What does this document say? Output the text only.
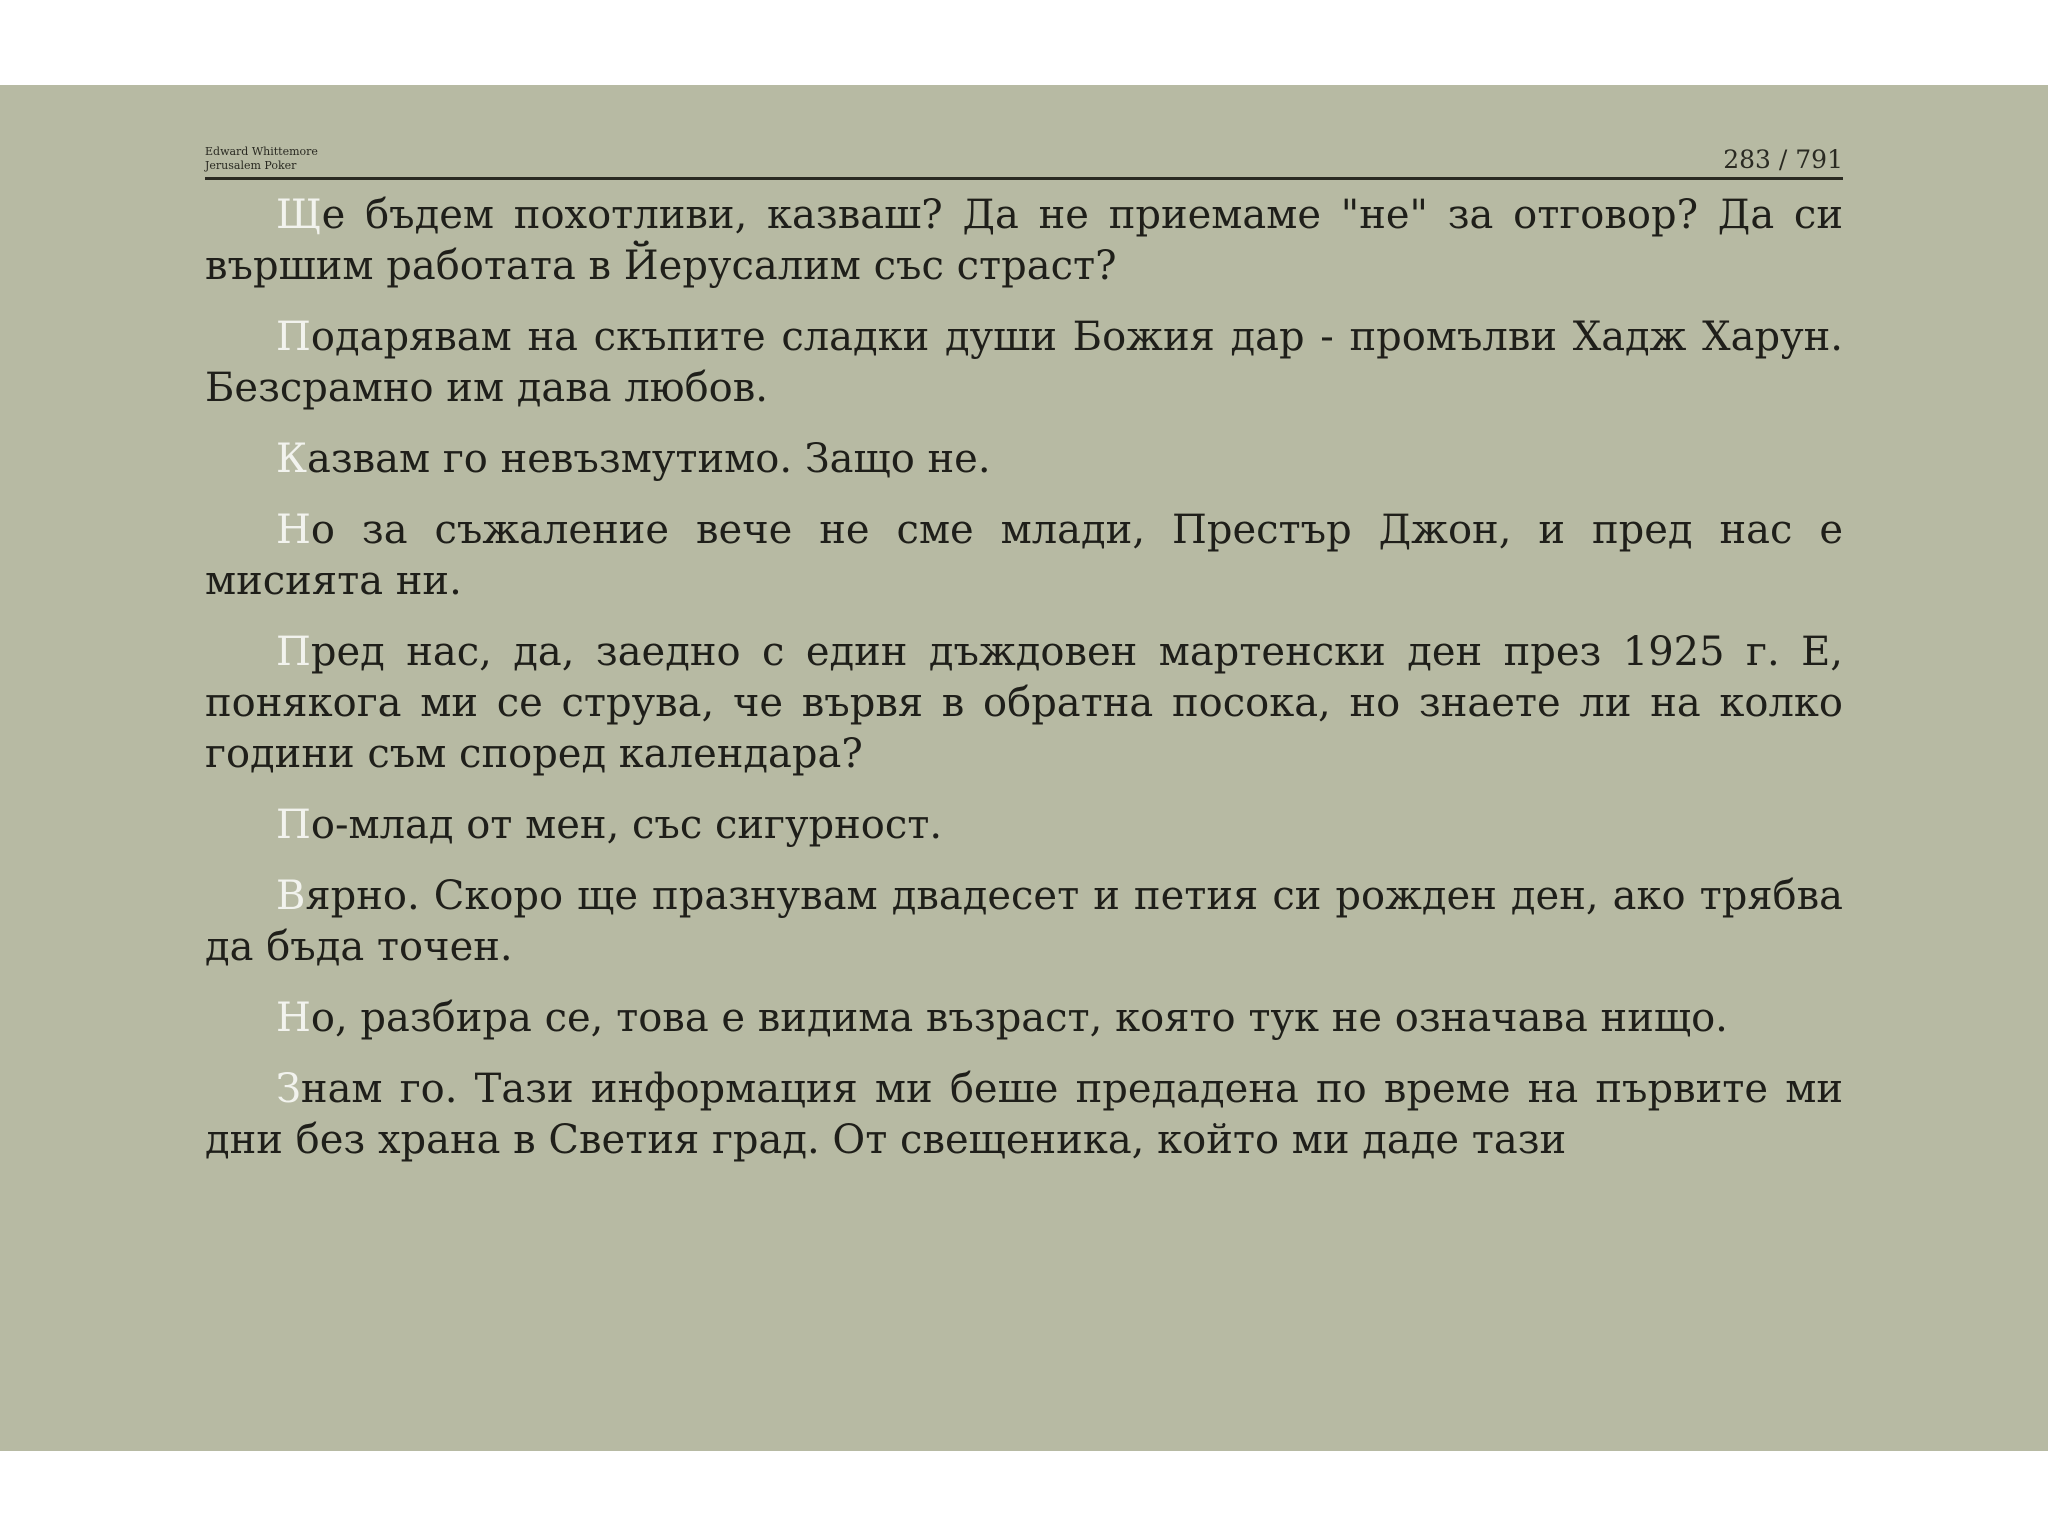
Edward Whittemore
Jerusalem Poker	283 / 791

Ще бъдем похотливи, казваш? Да не приемаме "не" за отговор? Да си вършим работата в Йерусалим със страст?

Подарявам на скъпите сладки души Божия дар - промълви Хадж Харун. Безсрамно им дава любов.

Казвам го невъзмутимо. Защо не.

Но за съжаление вече не сме млади, Престър Джон, и пред нас е мисията ни.

Пред нас, да, заедно с един дъждовен мартенски ден през 1925 г. Е, понякога ми се струва, че вървя в обратна посока, но знаете ли на колко години съм според календара?

По-млад от мен, със сигурност.

Вярно. Скоро ще празнувам двадесет и петия си рожден ден, ако трябва да бъда точен.

Но, разбира се, това е видима възраст, която тук не означава нищо.

Знам го. Тази информация ми беше предадена по време на първите ми дни без храна в Светия град. От свещеника, който ми даде тази
